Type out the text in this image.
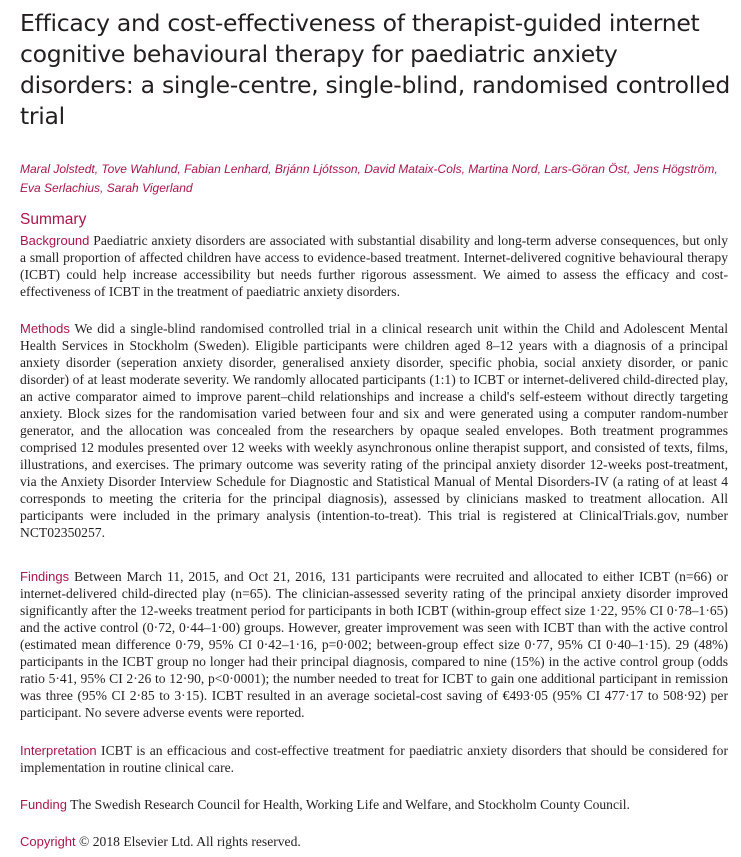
Efficacy and cost-effectiveness of therapist-guided internet cognitive behavioural therapy for paediatric anxiety disorders: a single-centre, single-blind, randomised controlled trial
Maral Jolstedt, Tove Wahlund, Fabian Lenhard, Brjánn Ljótsson, David Mataix-Cols, Martina Nord, Lars-Göran Öst, Jens Högström, Eva Serlachius, Sarah Vigerland
Summary

Background Paediatric anxiety disorders are associated with substantial disability and long-term adverse consequences, but only a small proportion of affected children have access to evidence-based treatment. Internet-delivered cognitive behavioural therapy (ICBT) could help increase accessibility but needs further rigorous assessment. We aimed to assess the efficacy and cost-effectiveness of ICBT in the treatment of paediatric anxiety disorders.

Methods We did a single-blind randomised controlled trial in a clinical research unit within the Child and Adolescent Mental Health Services in Stockholm (Sweden). Eligible participants were children aged 8–12 years with a diagnosis of a principal anxiety disorder (seperation anxiety disorder, generalised anxiety disorder, specific phobia, social anxiety disorder, or panic disorder) of at least moderate severity. We randomly allocated participants (1:1) to ICBT or internet-delivered child-directed play, an active comparator aimed to improve parent–child relationships and increase a child's self-esteem without directly targeting anxiety. Block sizes for the randomisation varied between four and six and were generated using a computer random-number generator, and the allocation was concealed from the researchers by opaque sealed envelopes. Both treatment programmes comprised 12 modules presented over 12 weeks with weekly asynchronous online therapist support, and consisted of texts, films, illustrations, and exercises. The primary outcome was severity rating of the principal anxiety disorder 12-weeks post-treatment, via the Anxiety Disorder Interview Schedule for Diagnostic and Statistical Manual of Mental Disorders-IV (a rating of at least 4 corresponds to meeting the criteria for the principal diagnosis), assessed by clinicians masked to treatment allocation. All participants were included in the primary analysis (intention-to-treat). This trial is registered at ClinicalTrials.gov, number NCT02350257.

Findings Between March 11, 2015, and Oct 21, 2016, 131 participants were recruited and allocated to either ICBT (n=66) or internet-delivered child-directed play (n=65). The clinician-assessed severity rating of the principal anxiety disorder improved significantly after the 12-weeks treatment period for participants in both ICBT (within-group effect size 1·22, 95% CI 0·78–1·65) and the active control (0·72, 0·44–1·00) groups. However, greater improvement was seen with ICBT than with the active control (estimated mean difference 0·79, 95% CI 0·42–1·16, p=0·002; between-group effect size 0·77, 95% CI 0·40–1·15). 29 (48%) participants in the ICBT group no longer had their principal diagnosis, compared to nine (15%) in the active control group (odds ratio 5·41, 95% CI 2·26 to 12·90, p<0·0001); the number needed to treat for ICBT to gain one additional participant in remission was three (95% CI 2·85 to 3·15). ICBT resulted in an average societal-cost saving of €493·05 (95% CI 477·17 to 508·92) per participant. No severe adverse events were reported.

Interpretation ICBT is an efficacious and cost-effective treatment for paediatric anxiety disorders that should be considered for implementation in routine clinical care.

Funding The Swedish Research Council for Health, Working Life and Welfare, and Stockholm County Council.

Copyright © 2018 Elsevier Ltd. All rights reserved.
